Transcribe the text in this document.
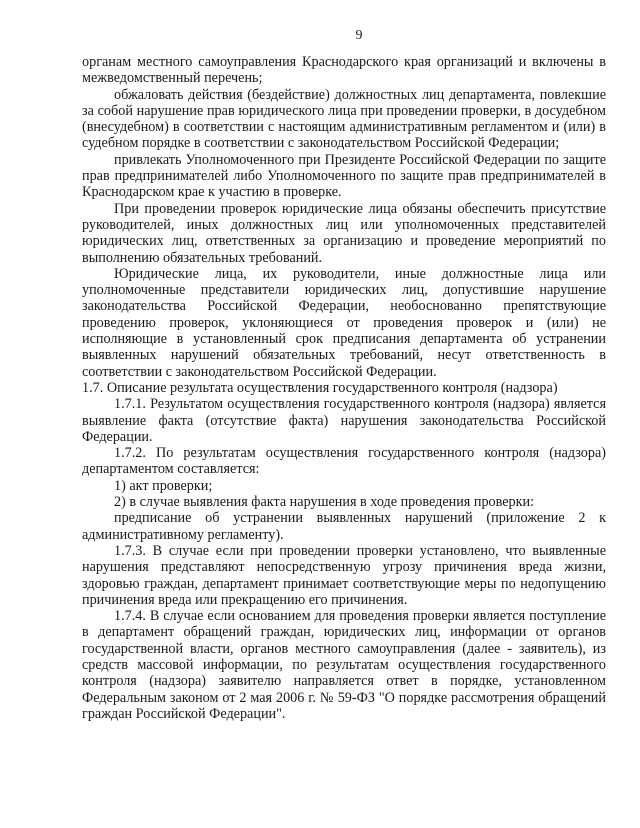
9

органам местного самоуправления Краснодарского края организаций и включены в межведомственный перечень;

обжаловать действия (бездействие) должностных лиц департамента, повлекшие за собой нарушение прав юридического лица при проведении проверки, в досудебном (внесудебном) в соответствии с настоящим административным регламентом и (или) в судебном порядке в соответствии с законодательством Российской Федерации;

привлекать Уполномоченного при Президенте Российской Федерации по защите прав предпринимателей либо Уполномоченного по защите прав предпринимателей в Краснодарском крае к участию в проверке.

При проведении проверок юридические лица обязаны обеспечить присутствие руководителей, иных должностных лиц или уполномоченных представителей юридических лиц, ответственных за организацию и проведение мероприятий по выполнению обязательных требований.

Юридические лица, их руководители, иные должностные лица или уполномоченные представители юридических лиц, допустившие нарушение законодательства Российской Федерации, необоснованно препятствующие проведению проверок, уклоняющиеся от проведения проверок и (или) не исполняющие в установленный срок предписания департамента об устранении выявленных нарушений обязательных требований, несут ответственность в соответствии с законодательством Российской Федерации.

1.7. Описание результата осуществления государственного контроля (надзора)

1.7.1. Результатом осуществления государственного контроля (надзора) является выявление факта (отсутствие факта) нарушения законодательства Российской Федерации.

1.7.2. По результатам осуществления государственного контроля (надзора) департаментом составляется:

1) акт проверки;

2) в случае выявления факта нарушения в ходе проведения проверки:

предписание об устранении выявленных нарушений (приложение 2 к административному регламенту).

1.7.3. В случае если при проведении проверки установлено, что выявленные нарушения представляют непосредственную угрозу причинения вреда жизни, здоровью граждан, департамент принимает соответствующие меры по недопущению причинения вреда или прекращению его причинения.

1.7.4. В случае если основанием для проведения проверки является поступление в департамент обращений граждан, юридических лиц, информации от органов государственной власти, органов местного самоуправления (далее - заявитель), из средств массовой информации, по результатам осуществления государственного контроля (надзора) заявителю направляется ответ в порядке, установленном Федеральным законом от 2 мая 2006 г. № 59-ФЗ "О порядке рассмотрения обращений граждан Российской Федерации".
